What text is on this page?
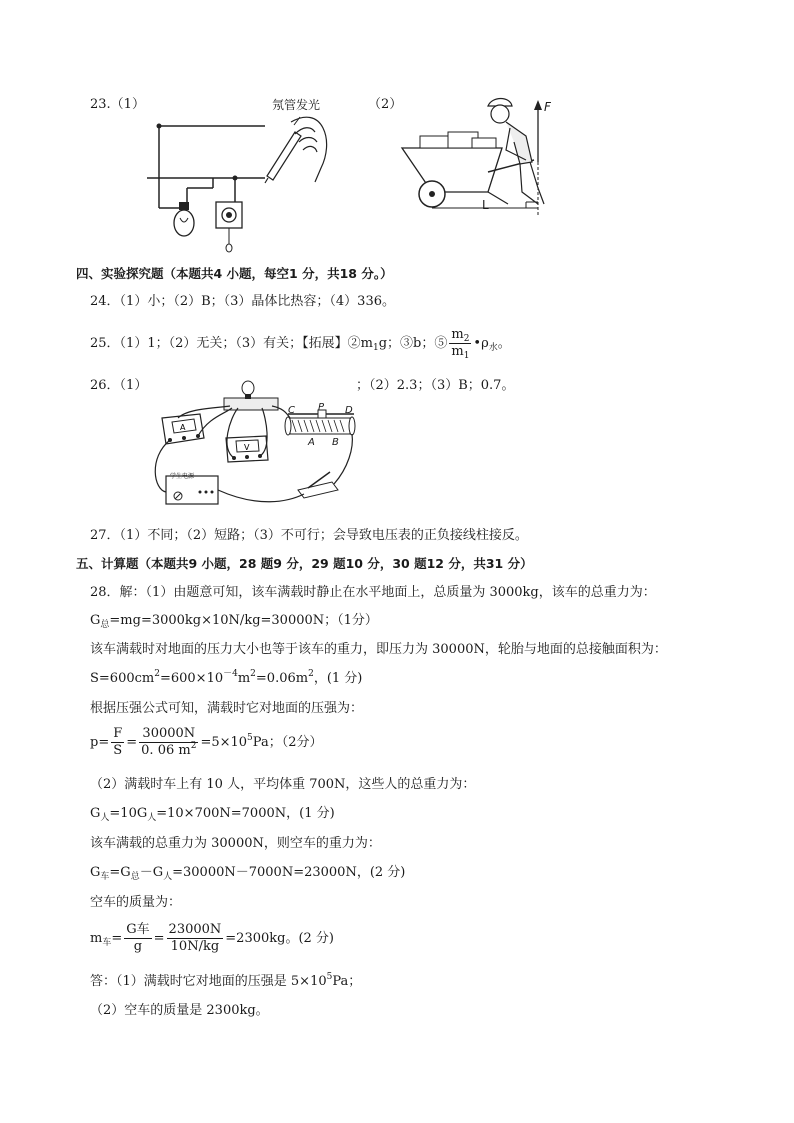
23.（1）	氖管发光	（2）	F
L
四、实验探究题（本题共4 小题，每空1 分，共18 分。）
24．（1）小；（2）B；（3）晶体比热容；（4）336。
25．（1）1；（2）无关；（3）有关；【拓展】$②m_1g$；③b；⑤ $\frac{m_2}{m_1}$ $•\rho_水$。
26．（1）	；（2）2.3；（3）B；0.7。
A
V
C P D
A B
学生电源
27．（1）不同；（2）短路；（3）不可行；会导致电压表的正负接线柱接反。
五、计算题（本题共9 小题，28 题9 分，29 题10 分，30 题12 分，共31 分）
28．解：（1）由题意可知，该车满载时静止在水平地面上，总质量为 3000kg，该车的总重力为：
$G_总=mg=3000kg\times 10N/kg=30000N$；（1分）
该车满载时对地面的压力大小也等于该车的重力，即压力为 30000N，轮胎与地面的总接触面积为：
$S=600cm^2=600\times 10^{-4}m^2=0.06m^2$，(1 分)
根据压强公式可知，满载时它对地面的压强为：
$p= \frac{F}{S} = \frac{30000N}{0. 06 m^2} =5\times 10^5Pa$；（2分）
（2）满载时车上有 10 人，平均体重 700N，这些人的总重力为：
$G_人=10G_人=10\times 700N=7000N$，(1 分)
该车满载的总重力为 30000N，则空车的重力为：
$G_车=G_总-G_人=30000N-7000N=23000N$，(2 分)
空车的质量为：
$m_车= \frac{\text{G车}}{g} = \frac{23000N}{10N/kg} =2300kg$。(2 分)
答：（1）满载时它对地面的压强是 $5\times 10^5Pa$；
（2）空车的质量是 2300kg。
